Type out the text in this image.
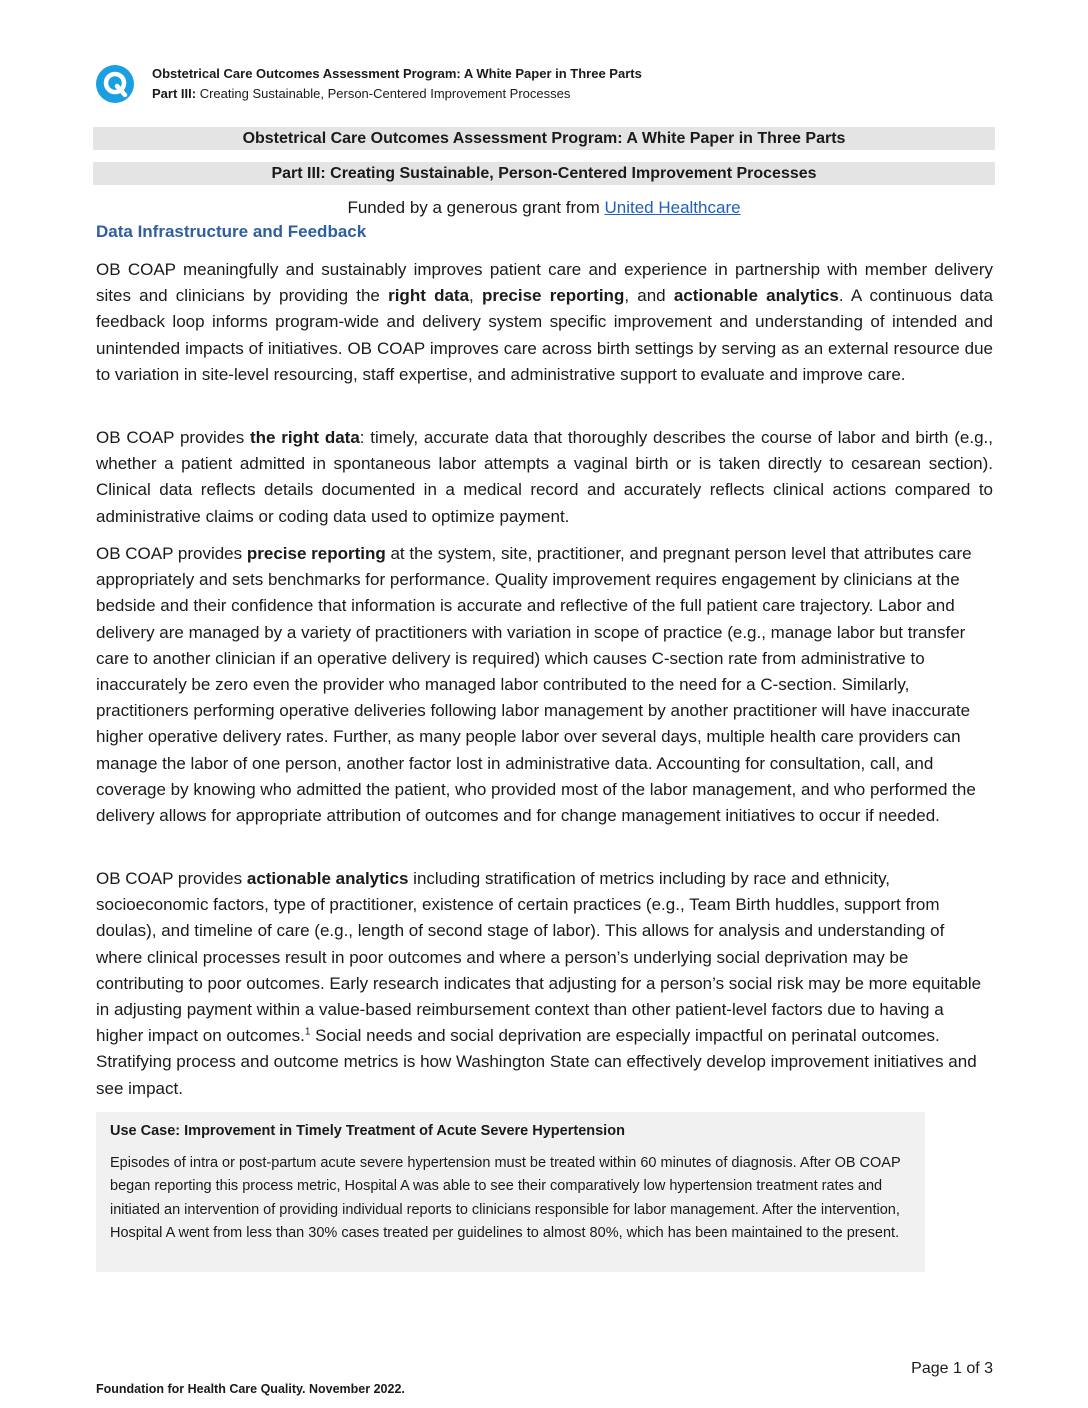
Obstetrical Care Outcomes Assessment Program: A White Paper in Three Parts
Part III: Creating Sustainable, Person-Centered Improvement Processes
Obstetrical Care Outcomes Assessment Program: A White Paper in Three Parts
Part III: Creating Sustainable, Person-Centered Improvement Processes
Funded by a generous grant from United Healthcare
Data Infrastructure and Feedback

OB COAP meaningfully and sustainably improves patient care and experience in partnership with member delivery sites and clinicians by providing the right data, precise reporting, and actionable analytics. A continuous data feedback loop informs program-wide and delivery system specific improvement and understanding of intended and unintended impacts of initiatives. OB COAP improves care across birth settings by serving as an external resource due to variation in site-level resourcing, staff expertise, and administrative support to evaluate and improve care.

OB COAP provides the right data: timely, accurate data that thoroughly describes the course of labor and birth (e.g., whether a patient admitted in spontaneous labor attempts a vaginal birth or is taken directly to cesarean section). Clinical data reflects details documented in a medical record and accurately reflects clinical actions compared to administrative claims or coding data used to optimize payment.

OB COAP provides precise reporting at the system, site, practitioner, and pregnant person level that attributes care appropriately and sets benchmarks for performance. Quality improvement requires engagement by clinicians at the bedside and their confidence that information is accurate and reflective of the full patient care trajectory. Labor and delivery are managed by a variety of practitioners with variation in scope of practice (e.g., manage labor but transfer care to another clinician if an operative delivery is required) which causes C-section rate from administrative to inaccurately be zero even the provider who managed labor contributed to the need for a C-section. Similarly, practitioners performing operative deliveries following labor management by another practitioner will have inaccurate higher operative delivery rates. Further, as many people labor over several days, multiple health care providers can manage the labor of one person, another factor lost in administrative data. Accounting for consultation, call, and coverage by knowing who admitted the patient, who provided most of the labor management, and who performed the delivery allows for appropriate attribution of outcomes and for change management initiatives to occur if needed.

OB COAP provides actionable analytics including stratification of metrics including by race and ethnicity, socioeconomic factors, type of practitioner, existence of certain practices (e.g., Team Birth huddles, support from doulas), and timeline of care (e.g., length of second stage of labor). This allows for analysis and understanding of where clinical processes result in poor outcomes and where a person’s underlying social deprivation may be contributing to poor outcomes. Early research indicates that adjusting for a person’s social risk may be more equitable in adjusting payment within a value-based reimbursement context than other patient-level factors due to having a higher impact on outcomes.$^1$ Social needs and social deprivation are especially impactful on perinatal outcomes. Stratifying process and outcome metrics is how Washington State can effectively develop improvement initiatives and see impact.

Use Case: Improvement in Timely Treatment of Acute Severe Hypertension

Episodes of intra or post-partum acute severe hypertension must be treated within 60 minutes of diagnosis. After OB COAP began reporting this process metric, Hospital A was able to see their comparatively low hypertension treatment rates and initiated an intervention of providing individual reports to clinicians responsible for labor management. After the intervention, Hospital A went from less than 30% cases treated per guidelines to almost 80%, which has been maintained to the present.

Page 1 of 3
Foundation for Health Care Quality. November 2022.
